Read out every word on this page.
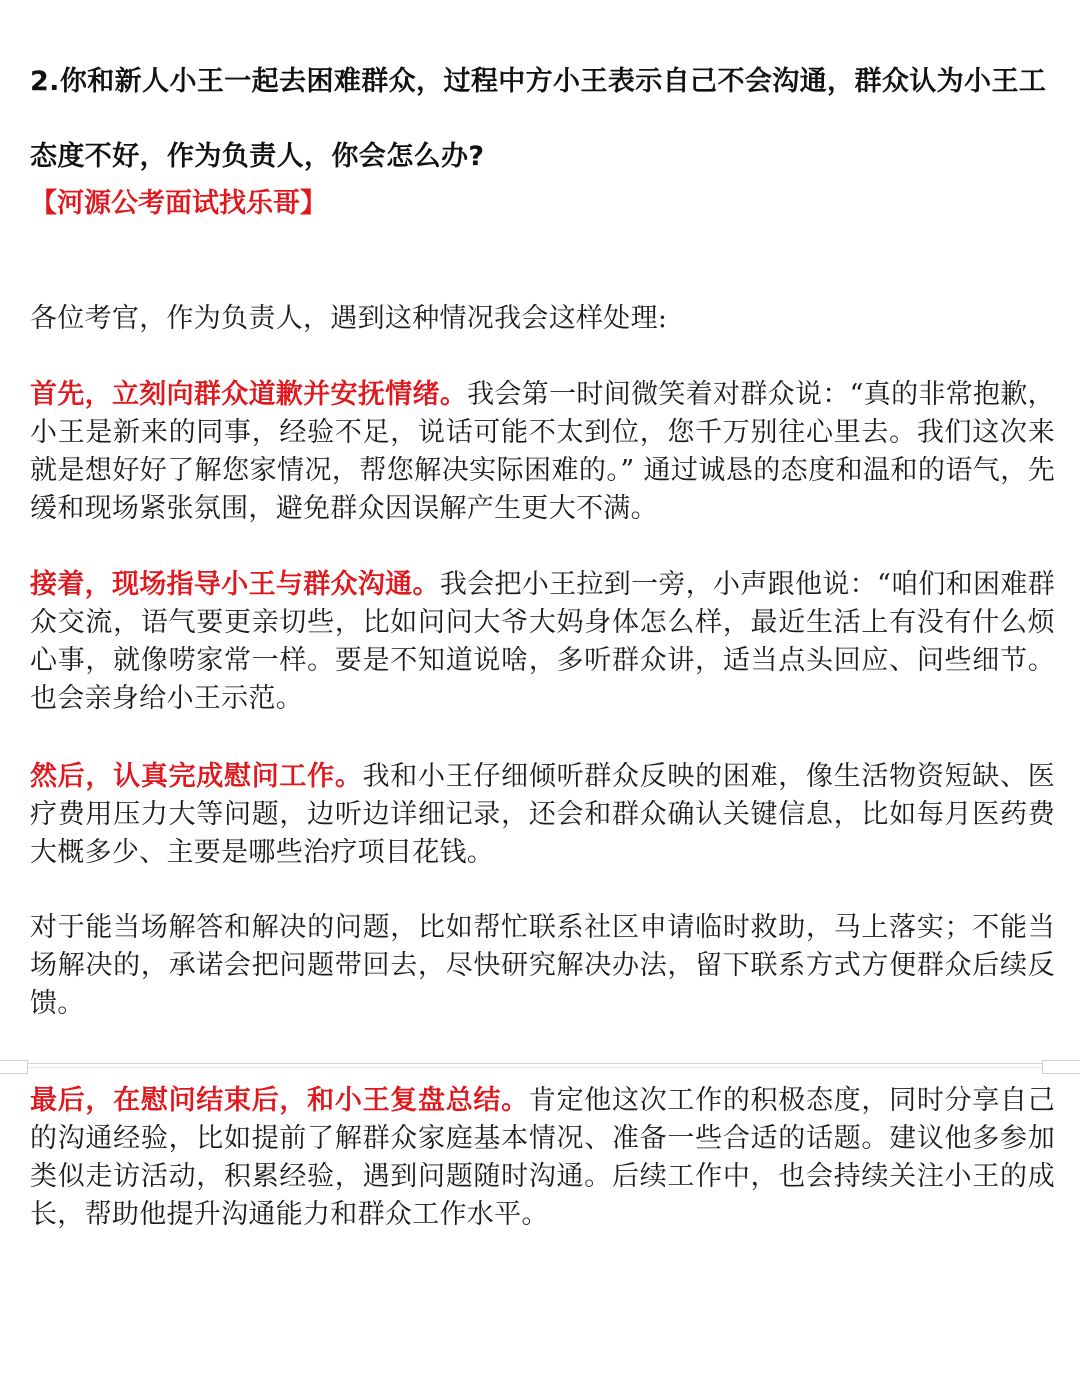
2.你和新人小王一起去困难群众，过程中方小王表示自己不会沟通，群众认为小王工态度不好，作为负责人，你会怎么办?

【河源公考面试找乐哥】

各位考官，作为负责人，遇到这种情况我会这样处理:

首先，立刻向群众道歉并安抚情绪。我会第一时间微笑着对群众说：“真的非常抱歉，小王是新来的同事，经验不足，说话可能不太到位，您千万别往心里去。我们这次来就是想好好了解您家情况，帮您解决实际困难的。” 通过诚恳的态度和温和的语气，先缓和现场紧张氛围，避免群众因误解产生更大不满。

接着，现场指导小王与群众沟通。我会把小王拉到一旁，小声跟他说：“咱们和困难群众交流，语气要更亲切些，比如问问大爷大妈身体怎么样，最近生活上有没有什么烦心事，就像唠家常一样。要是不知道说啥，多听群众讲，适当点头回应、问些细节。也会亲身给小王示范。

然后，认真完成慰问工作。我和小王仔细倾听群众反映的困难，像生活物资短缺、医疗费用压力大等问题，边听边详细记录，还会和群众确认关键信息，比如每月医药费大概多少、主要是哪些治疗项目花钱。

对于能当场解答和解决的问题，比如帮忙联系社区申请临时救助，马上落实；不能当场解决的，承诺会把问题带回去，尽快研究解决办法，留下联系方式方便群众后续反馈。

最后，在慰问结束后，和小王复盘总结。肯定他这次工作的积极态度，同时分享自己的沟通经验，比如提前了解群众家庭基本情况、准备一些合适的话题。建议他多参加类似走访活动，积累经验，遇到问题随时沟通。后续工作中，也会持续关注小王的成长，帮助他提升沟通能力和群众工作水平。
